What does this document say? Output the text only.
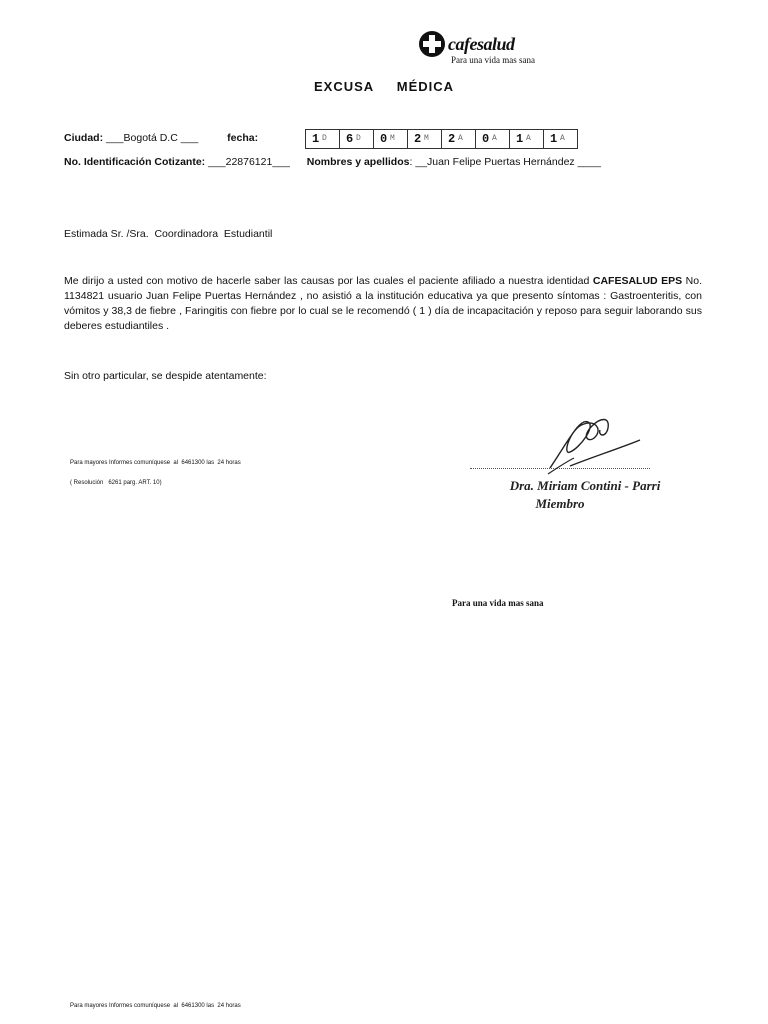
cafesalud
Para una vida mas sana
EXCUSA     MÉDICA
Ciudad: ___Bogotá D.C ___	fecha:	1 D	6 D	0 M	2 M	2 A	0 A	1 A	1 A
No. Identificación Cotizante: ___22876121___ Nombres y apellidos: __Juan Felipe Puertas Hernández ____
Estimada Sr. /Sra.  Coordinadora  Estudiantil
Me dirijo a usted con motivo de hacerle saber las causas por las cuales el paciente afiliado a nuestra identidad CAFESALUD EPS No. 1134821 usuario Juan Felipe Puertas Hernández , no asistió a la institución educativa ya que presento síntomas : Gastroenteritis, con vómitos y 38,3 de fiebre , Faringitis con fiebre por lo cual se le recomendó ( 1 ) día de incapacitación y reposo para seguir laborando sus deberes estudiantiles .
Sin otro particular, se despide atentamente:
Para mayores Informes comuníquese  al  6461300 las  24 horas
( Resolución   6261 parg. ART. 10)	Dra. Miriam Contini - Parri
Miembro
Para una vida mas sana
Para mayores Informes comuníquese  al  6461300 las  24 horas
